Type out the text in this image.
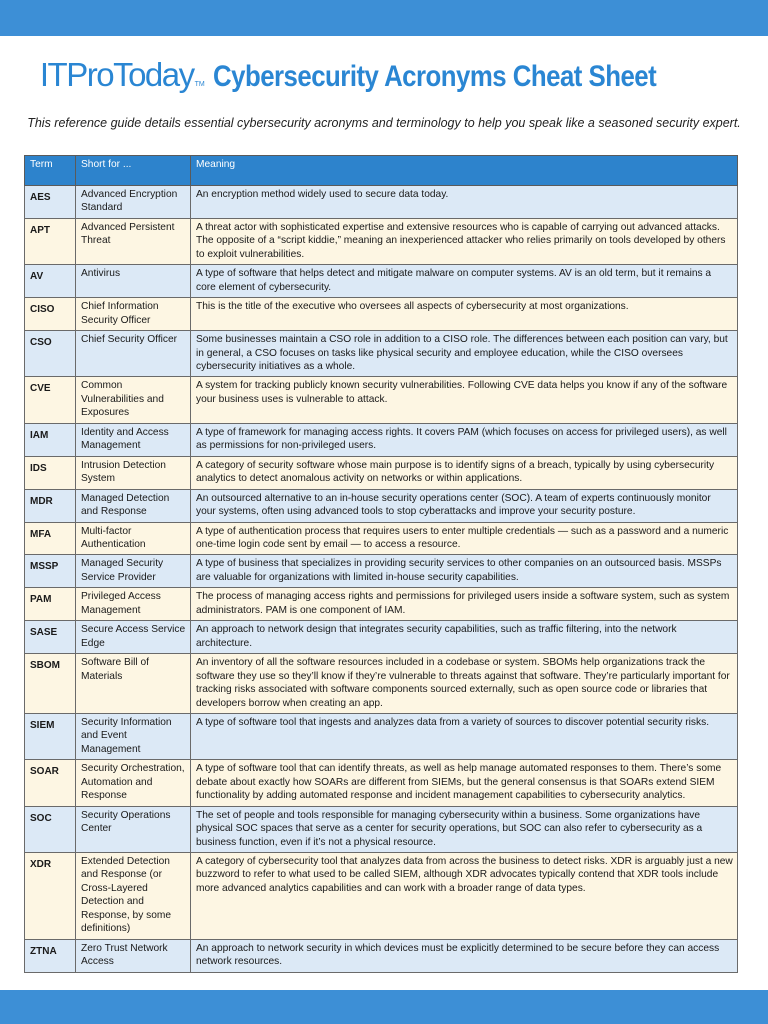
ITProTodayTM Cybersecurity Acronyms Cheat Sheet
This reference guide details essential cybersecurity acronyms and terminology to help you speak like a seasoned security expert.
Term	Short for ...	Meaning
AES	Advanced Encryption Standard	An encryption method widely used to secure data today.
APT	Advanced Persistent Threat	A threat actor with sophisticated expertise and extensive resources who is capable of carrying out advanced attacks. The opposite of a “script kiddie,” meaning an inexperienced attacker who relies primarily on tools developed by others to exploit vulnerabilities.
AV	Antivirus	A type of software that helps detect and mitigate malware on computer systems. AV is an old term, but it remains a core element of cybersecurity.
CISO	Chief Information Security Officer	This is the title of the executive who oversees all aspects of cybersecurity at most organizations.
CSO	Chief Security Officer	Some businesses maintain a CSO role in addition to a CISO role. The differences between each position can vary, but in general, a CSO focuses on tasks like physical security and employee education, while the CISO oversees cybersecurity initiatives as a whole.
CVE	Common Vulnerabilities and Exposures	A system for tracking publicly known security vulnerabilities. Following CVE data helps you know if any of the software your business uses is vulnerable to attack.
IAM	Identity and Access Management	A type of framework for managing access rights. It covers PAM (which focuses on access for privileged users), as well as permissions for non-privileged users.
IDS	Intrusion Detection System	A category of security software whose main purpose is to identify signs of a breach, typically by using cybersecurity analytics to detect anomalous activity on networks or within applications.
MDR	Managed Detection and Response	An outsourced alternative to an in-house security operations center (SOC). A team of experts continuously monitor your systems, often using advanced tools to stop cyberattacks and improve your security posture.
MFA	Multi-factor Authentication	A type of authentication process that requires users to enter multiple credentials — such as a password and a numeric one-time login code sent by email — to access a resource.
MSSP	Managed Security Service Provider	A type of business that specializes in providing security services to other companies on an outsourced basis. MSSPs are valuable for organizations with limited in-house security capabilities.
PAM	Privileged Access Management	The process of managing access rights and permissions for privileged users inside a software system, such as system administrators. PAM is one component of IAM.
SASE	Secure Access Service Edge	An approach to network design that integrates security capabilities, such as traffic filtering, into the network architecture.
SBOM	Software Bill of Materials	An inventory of all the software resources included in a codebase or system. SBOMs help organizations track the software they use so they’ll know if they’re vulnerable to threats against that software. They’re particularly important for tracking risks associated with software components sourced externally, such as open source code or libraries that developers borrow when creating an app.
SIEM	Security Information and Event Management	A type of software tool that ingests and analyzes data from a variety of sources to discover potential security risks.
SOAR	Security Orchestration, Automation and Response	A type of software tool that can identify threats, as well as help manage automated responses to them. There’s some debate about exactly how SOARs are different from SIEMs, but the general consensus is that SOARs extend SIEM functionality by adding automated response and incident management capabilities to cybersecurity analytics.
SOC	Security Operations Center	The set of people and tools responsible for managing cybersecurity within a business. Some organizations have physical SOC spaces that serve as a center for security operations, but SOC can also refer to cybersecurity as a business function, even if it’s not a physical resource.
XDR	Extended Detection and Response (or Cross-Layered Detection and Response, by some definitions)	A category of cybersecurity tool that analyzes data from across the business to detect risks. XDR is arguably just a new buzzword to refer to what used to be called SIEM, although XDR advocates typically contend that XDR tools include more advanced analytics capabilities and can work with a broader range of data types.
ZTNA	Zero Trust Network Access	An approach to network security in which devices must be explicitly determined to be secure before they can access network resources.
